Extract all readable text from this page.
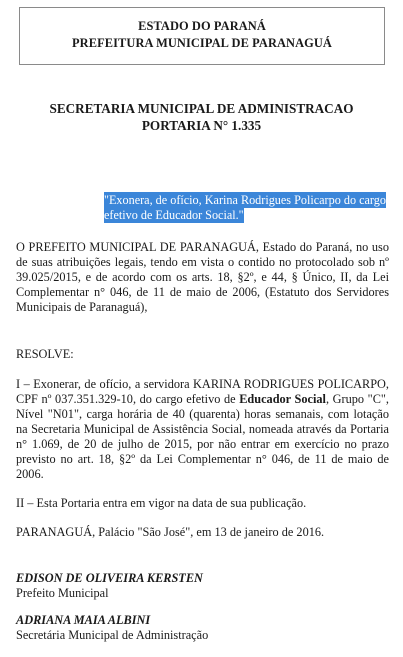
ESTADO DO PARANÁ
PREFEITURA MUNICIPAL DE PARANAGUÁ
SECRETARIA MUNICIPAL DE ADMINISTRACAO
PORTARIA N° 1.335
"Exonera, de ofício, Karina Rodrigues Policarpo do cargo efetivo de Educador Social."
O PREFEITO MUNICIPAL DE PARANAGUÁ, Estado do Paraná, no uso de suas atribuições legais, tendo em vista o contido no protocolado sob nº 39.025/2015, e de acordo com os arts. 18, §2º, e 44, § Único, II, da Lei Complementar n° 046, de 11 de maio de 2006, (Estatuto dos Servidores Municipais de Paranaguá),
RESOLVE:
I – Exonerar, de ofício, a servidora KARINA RODRIGUES POLICARPO, CPF nº 037.351.329-10, do cargo efetivo de Educador Social, Grupo "C", Nível "N01", carga horária de 40 (quarenta) horas semanais, com lotação na Secretaria Municipal de Assistência Social, nomeada através da Portaria n° 1.069, de 20 de julho de 2015, por não entrar em exercício no prazo previsto no art. 18, §2º da Lei Complementar n° 046, de 11 de maio de 2006.
II – Esta Portaria entra em vigor na data de sua publicação.
PARANAGUÁ, Palácio "São José", em 13 de janeiro de 2016.
EDISON DE OLIVEIRA KERSTEN
Prefeito Municipal
ADRIANA MAIA ALBINI
Secretária Municipal de Administração
